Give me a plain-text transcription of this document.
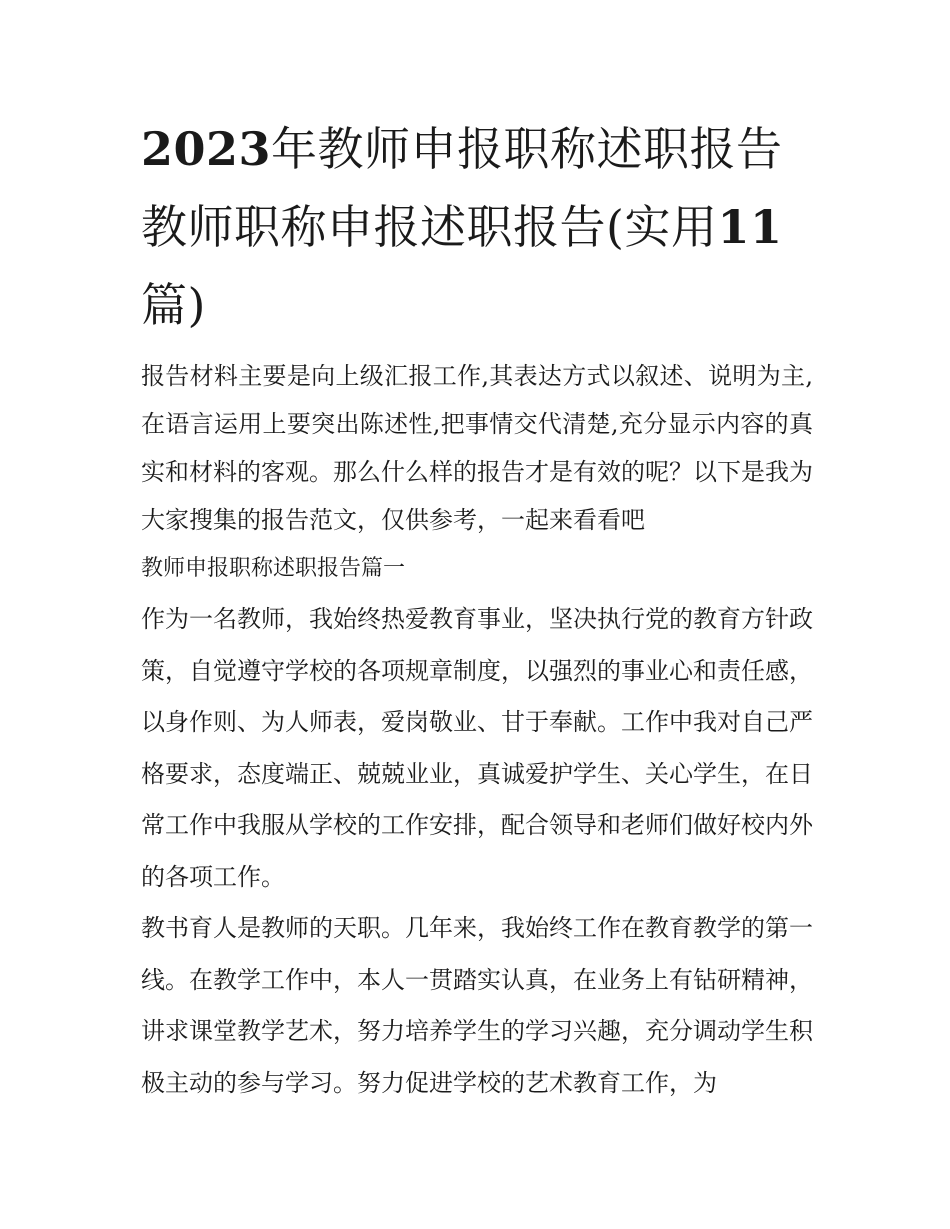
2023年教师申报职称述职报告教师职称申报述职报告(实用11篇)

报告材料主要是向上级汇报工作,其表达方式以叙述、说明为主,在语言运用上要突出陈述性,把事情交代清楚,充分显示内容的真实和材料的客观。那么什么样的报告才是有效的呢？以下是我为大家搜集的报告范文，仅供参考，一起来看看吧

教师申报职称述职报告篇一

作为一名教师，我始终热爱教育事业，坚决执行党的教育方针政策，自觉遵守学校的各项规章制度，以强烈的事业心和责任感，以身作则、为人师表，爱岗敬业、甘于奉献。工作中我对自己严格要求，态度端正、兢兢业业，真诚爱护学生、关心学生，在日常工作中我服从学校的工作安排，配合领导和老师们做好校内外的各项工作。

教书育人是教师的天职。几年来，我始终工作在教育教学的第一线。在教学工作中，本人一贯踏实认真，在业务上有钻研精神，讲求课堂教学艺术，努力培养学生的学习兴趣，充分调动学生积极主动的参与学习。努力促进学校的艺术教育工作，为
